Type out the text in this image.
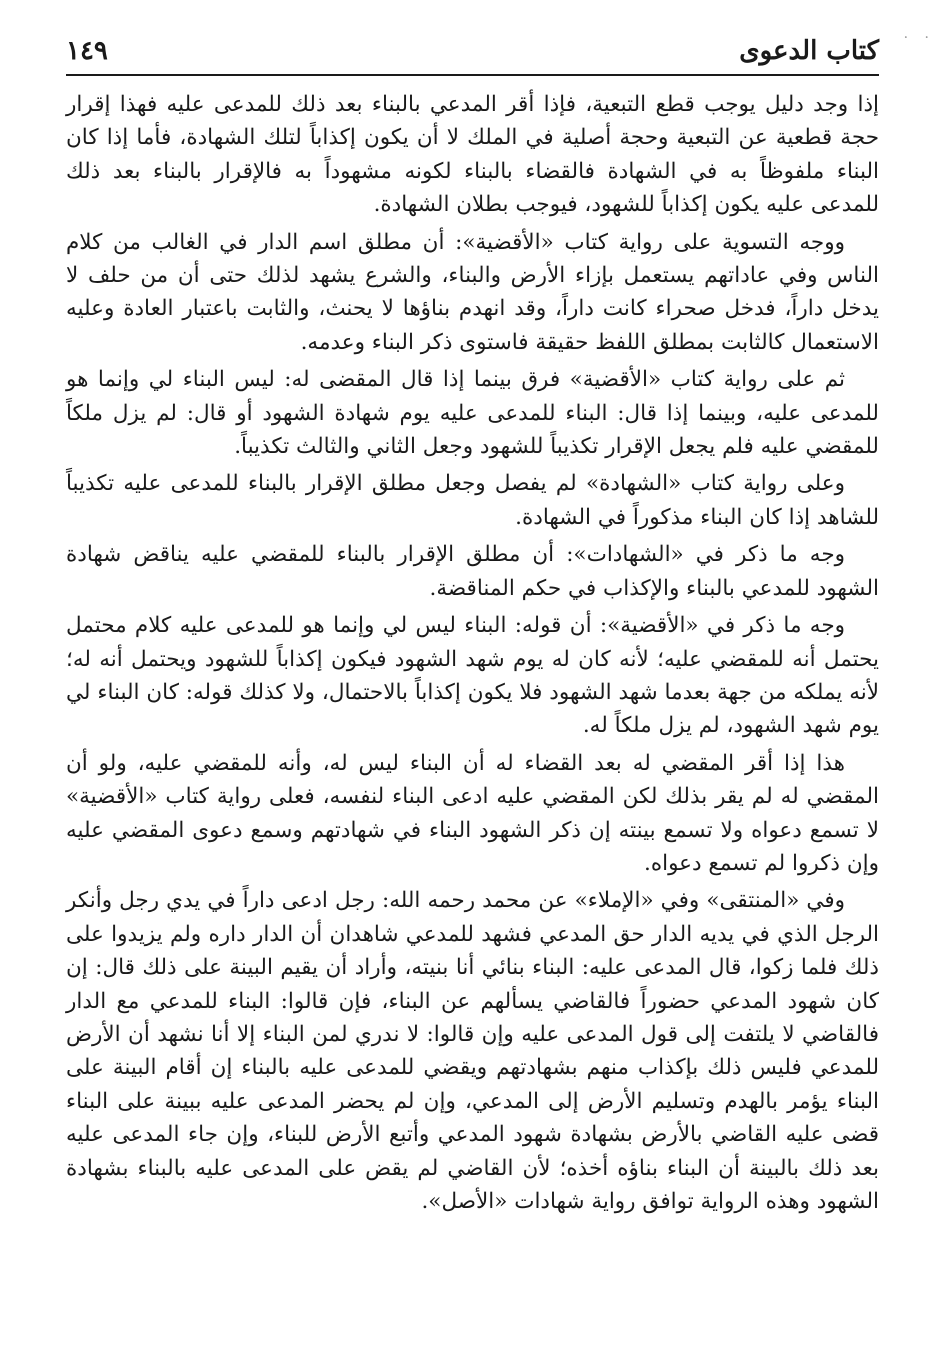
· ·
كتاب الدعوى
١٤٩

إذا وجد دليل يوجب قطع التبعية، فإذا أقر المدعي بالبناء بعد ذلك للمدعى عليه فهذا إقرار حجة قطعية عن التبعية وحجة أصلية في الملك لا أن يكون إكذاباً لتلك الشهادة، فأما إذا كان البناء ملفوظاً به في الشهادة فالقضاء بالبناء لكونه مشهوداً به فالإقرار بالبناء بعد ذلك للمدعى عليه يكون إكذاباً للشهود، فيوجب بطلان الشهادة.

ووجه التسوية على رواية كتاب «الأقضية»: أن مطلق اسم الدار في الغالب من كلام الناس وفي عاداتهم يستعمل بإزاء الأرض والبناء، والشرع يشهد لذلك حتى أن من حلف لا يدخل داراً، فدخل صحراء كانت داراً، وقد انهدم بناؤها لا يحنث، والثابت باعتبار العادة وعليه الاستعمال كالثابت بمطلق اللفظ حقيقة فاستوى ذكر البناء وعدمه.

ثم على رواية كتاب «الأقضية» فرق بينما إذا قال المقضى له: ليس البناء لي وإنما هو للمدعى عليه، وبينما إذا قال: البناء للمدعى عليه يوم شهادة الشهود أو قال: لم يزل ملكاً للمقضي عليه فلم يجعل الإقرار تكذيباً للشهود وجعل الثاني والثالث تكذيباً.

وعلى رواية كتاب «الشهادة» لم يفصل وجعل مطلق الإقرار بالبناء للمدعى عليه تكذيباً للشاهد إذا كان البناء مذكوراً في الشهادة.

وجه ما ذكر في «الشهادات»: أن مطلق الإقرار بالبناء للمقضي عليه يناقض شهادة الشهود للمدعي بالبناء والإكذاب في حكم المناقضة.

وجه ما ذكر في «الأقضية»: أن قوله: البناء ليس لي وإنما هو للمدعى عليه كلام محتمل يحتمل أنه للمقضي عليه؛ لأنه كان له يوم شهد الشهود فيكون إكذاباً للشهود ويحتمل أنه له؛ لأنه يملكه من جهة بعدما شهد الشهود فلا يكون إكذاباً بالاحتمال، ولا كذلك قوله: كان البناء لي يوم شهد الشهود، لم يزل ملكاً له.

هذا إذا أقر المقضي له بعد القضاء له أن البناء ليس له، وأنه للمقضي عليه، ولو أن المقضي له لم يقر بذلك لكن المقضي عليه ادعى البناء لنفسه، فعلى رواية كتاب «الأقضية» لا تسمع دعواه ولا تسمع بينته إن ذكر الشهود البناء في شهادتهم وسمع دعوى المقضي عليه وإن ذكروا لم تسمع دعواه.

وفي «المنتقى» وفي «الإملاء» عن محمد رحمه الله: رجل ادعى داراً في يدي رجل وأنكر الرجل الذي في يديه الدار حق المدعي فشهد للمدعي شاهدان أن الدار داره ولم يزيدوا على ذلك فلما زكوا، قال المدعى عليه: البناء بنائي أنا بنيته، وأراد أن يقيم البينة على ذلك قال: إن كان شهود المدعي حضوراً فالقاضي يسألهم عن البناء، فإن قالوا: البناء للمدعي مع الدار فالقاضي لا يلتفت إلى قول المدعى عليه وإن قالوا: لا ندري لمن البناء إلا أنا نشهد أن الأرض للمدعي فليس ذلك بإكذاب منهم بشهادتهم ويقضي للمدعى عليه بالبناء إن أقام البينة على البناء يؤمر بالهدم وتسليم الأرض إلى المدعي، وإن لم يحضر المدعى عليه ببينة على البناء قضى عليه القاضي بالأرض بشهادة شهود المدعي وأتبع الأرض للبناء، وإن جاء المدعى عليه بعد ذلك بالبينة أن البناء بناؤه أخذه؛ لأن القاضي لم يقض على المدعى عليه بالبناء بشهادة الشهود وهذه الرواية توافق رواية شهادات «الأصل».
